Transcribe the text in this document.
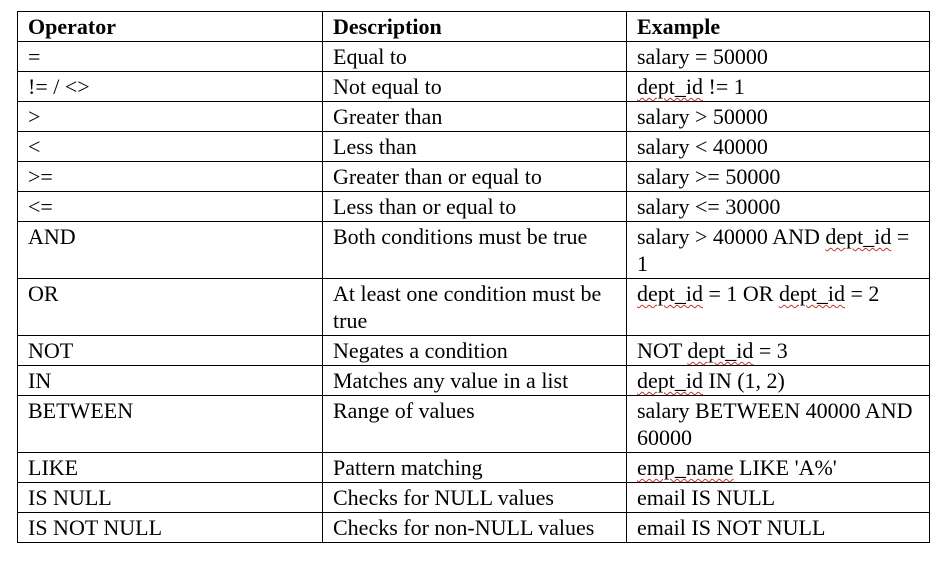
Operator	Description	Example
=	Equal to	salary = 50000
!= / <>	Not equal to	dept_id != 1
>	Greater than	salary > 50000
<	Less than	salary < 40000
>=	Greater than or equal to	salary >= 50000
<=	Less than or equal to	salary <= 30000
AND	Both conditions must be true	salary > 40000 AND dept_id = 1
OR	At least one condition must be true	dept_id = 1 OR dept_id = 2
NOT	Negates a condition	NOT dept_id = 3
IN	Matches any value in a list	dept_id IN (1, 2)
BETWEEN	Range of values	salary BETWEEN 40000 AND 60000
LIKE	Pattern matching	emp_name LIKE 'A%'
IS NULL	Checks for NULL values	email IS NULL
IS NOT NULL	Checks for non-NULL values	email IS NOT NULL
